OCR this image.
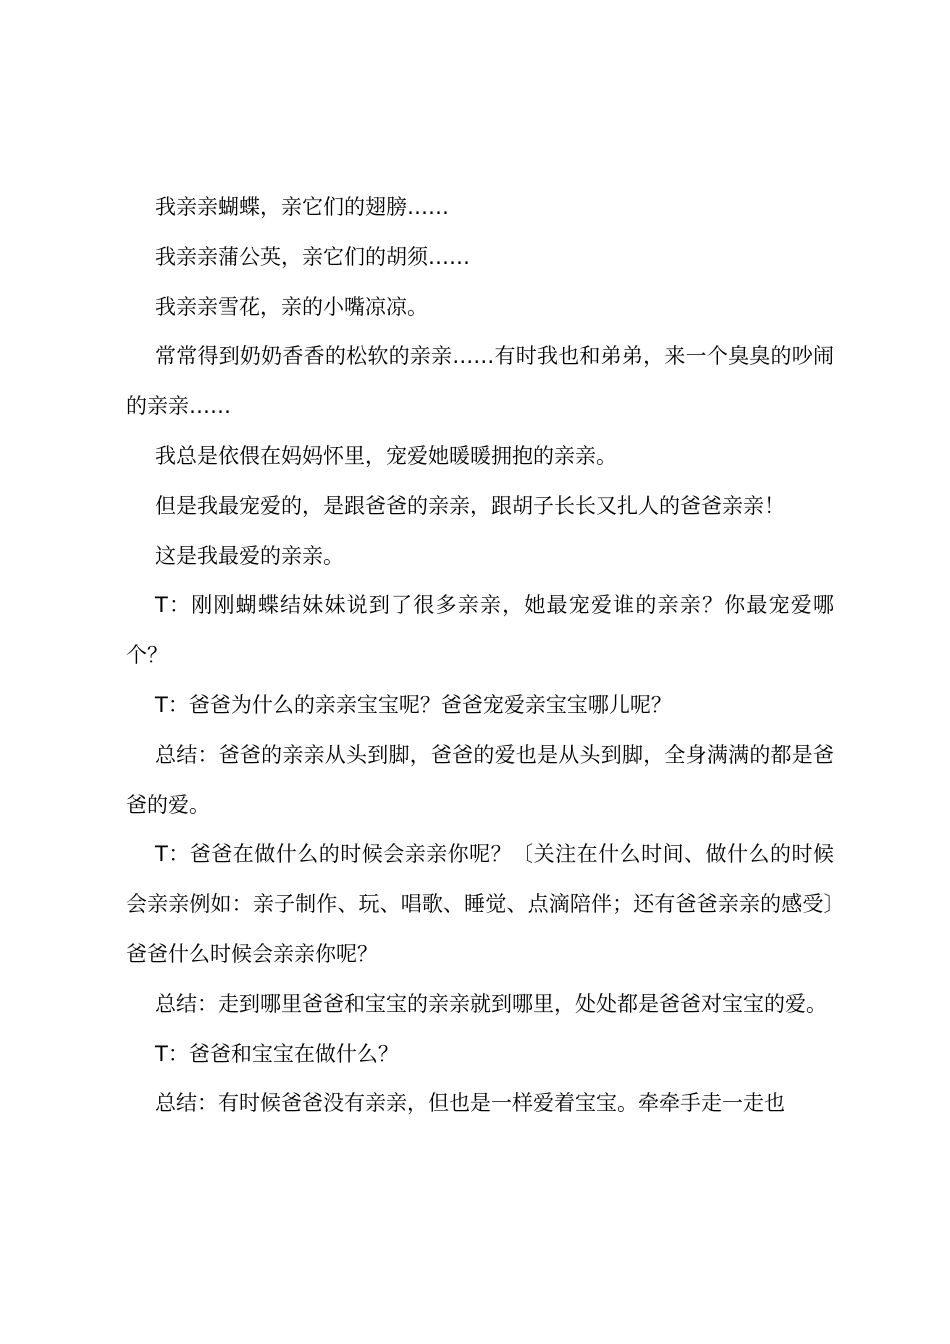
我亲亲蝴蝶，亲它们的翅膀……

我亲亲蒲公英，亲它们的胡须……

我亲亲雪花，亲的小嘴凉凉。

常常得到奶奶香香的松软的亲亲……有时我也和弟弟，来一个臭臭的吵闹的亲亲……

我总是依偎在妈妈怀里，宠爱她暖暖拥抱的亲亲。

但是我最宠爱的，是跟爸爸的亲亲，跟胡子长长又扎人的爸爸亲亲！

这是我最爱的亲亲。

T：刚刚蝴蝶结妹妹说到了很多亲亲，她最宠爱谁的亲亲？你最宠爱哪个？

T：爸爸为什么的亲亲宝宝呢？爸爸宠爱亲宝宝哪儿呢？

总结：爸爸的亲亲从头到脚，爸爸的爱也是从头到脚，全身满满的都是爸爸的爱。

T：爸爸在做什么的时候会亲亲你呢？〔关注在什么时间、做什么的时候会亲亲例如：亲子制作、玩、唱歌、睡觉、点滴陪伴；还有爸爸亲亲的感受〕爸爸什么时候会亲亲你呢？

总结：走到哪里爸爸和宝宝的亲亲就到哪里，处处都是爸爸对宝宝的爱。

T：爸爸和宝宝在做什么？

总结：有时候爸爸没有亲亲，但也是一样爱着宝宝。牵牵手走一走也
